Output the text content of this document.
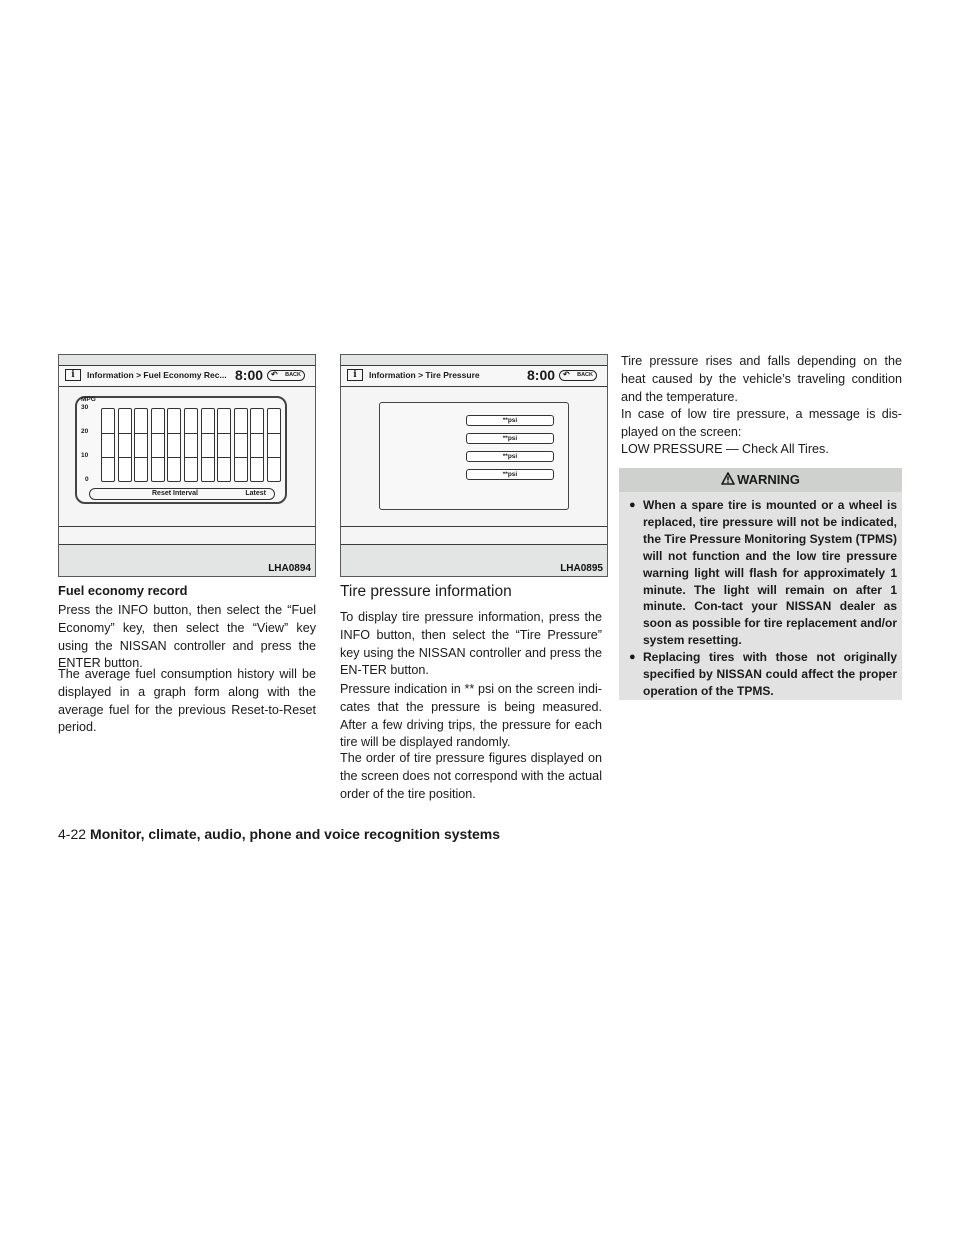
i	Information > Fuel Economy Rec... 8:00	↶ BACK
MPG
30
20
10
0
Reset Interval	Latest
LHA0894
i	Information > Tire Pressure	8:00	↶ BACK
**psi
**psi
**psi
**psi
LHA0895
Fuel economy record

Press the INFO button, then select the “Fuel Economy” key, then select the “View” key using the NISSAN controller and press the ENTER button.

The average fuel consumption history will be displayed in a graph form along with the average fuel for the previous Reset-to-Reset period.

Tire pressure information

To display tire pressure information, press the INFO button, then select the “Tire Pressure” key using the NISSAN controller and press the EN-TER button.

Pressure indication in ** psi on the screen indi-cates that the pressure is being measured. After a few driving trips, the pressure for each tire will be displayed randomly.

The order of tire pressure figures displayed on the screen does not correspond with the actual order of the tire position.

Tire pressure rises and falls depending on the heat caused by the vehicle’s traveling condition and the temperature.

In case of low tire pressure, a message is dis-played on the screen:

LOW PRESSURE — Check All Tires.

WARNING
● When a spare tire is mounted or a wheel is replaced, tire pressure will not be indicated, the Tire Pressure Monitoring System (TPMS) will not function and the low tire pressure warning light will flash for approximately 1 minute. The light will remain on after 1 minute. Con-tact your NISSAN dealer as soon as possible for tire replacement and/or system resetting.
● Replacing tires with those not originally specified by NISSAN could affect the proper operation of the TPMS.
4-22 Monitor, climate, audio, phone and voice recognition systems
